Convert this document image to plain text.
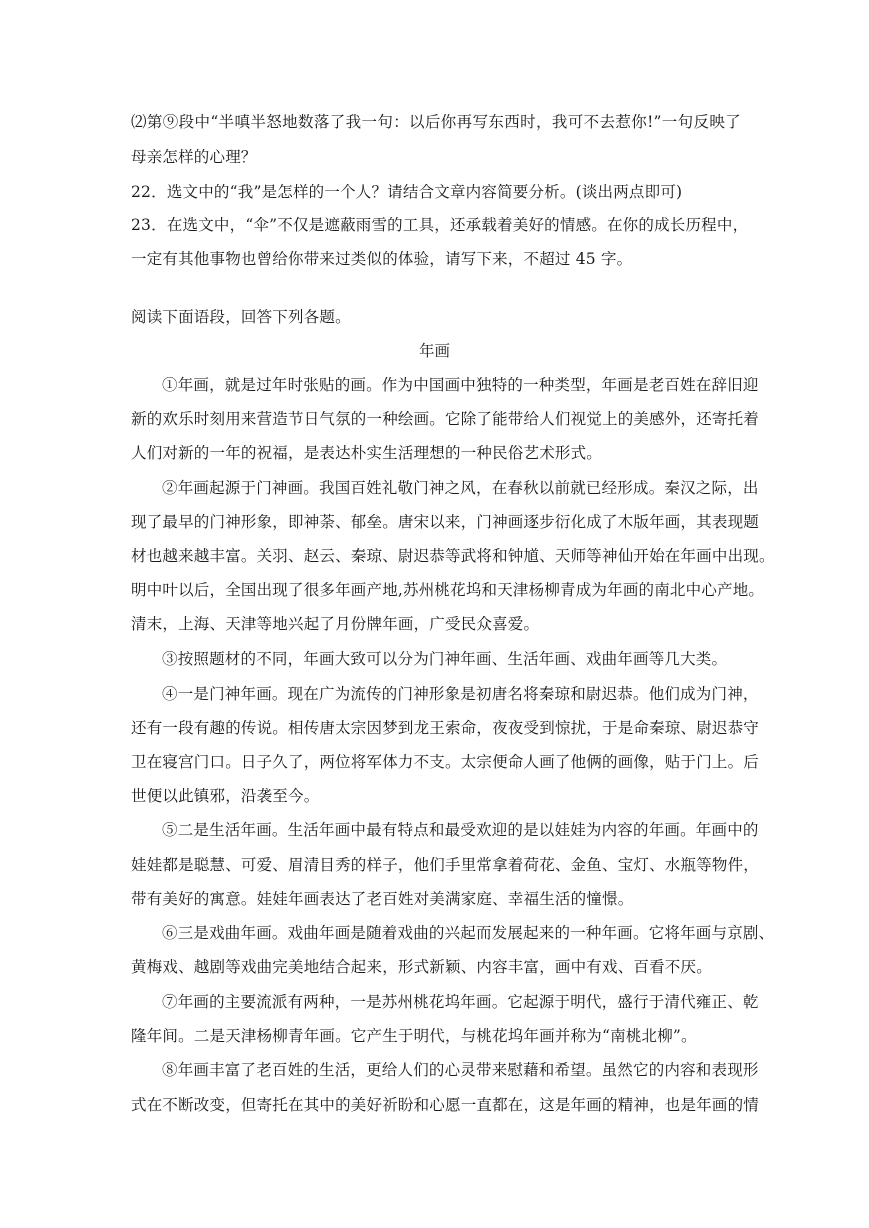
⑵第⑨段中“半嗔半怒地数落了我一句：以后你再写东西时，我可不去惹你!”一句反映了
母亲怎样的心理？
22．选文中的“我”是怎样的一个人？请结合文章内容简要分析。(谈出两点即可)
23．在选文中，“伞”不仅是遮蔽雨雪的工具，还承载着美好的情感。在你的成长历程中，
一定有其他事物也曾给你带来过类似的体验，请写下来，不超过 45 字。
阅读下面语段，回答下列各题。
年画
①年画，就是过年时张贴的画。作为中国画中独特的一种类型，年画是老百姓在辞旧迎
新的欢乐时刻用来营造节日气氛的一种绘画。它除了能带给人们视觉上的美感外，还寄托着
人们对新的一年的祝福，是表达朴实生活理想的一种民俗艺术形式。
②年画起源于门神画。我国百姓礼敬门神之风，在春秋以前就已经形成。秦汉之际，出
现了最早的门神形象，即神荼、郁垒。唐宋以来，门神画逐步衍化成了木版年画，其表现题
材也越来越丰富。关羽、赵云、秦琼、尉迟恭等武将和钟馗、天师等神仙开始在年画中出现。
明中叶以后，全国出现了很多年画产地,苏州桃花坞和天津杨柳青成为年画的南北中心产地。
清末，上海、天津等地兴起了月份牌年画，广受民众喜爱。
③按照题材的不同，年画大致可以分为门神年画、生活年画、戏曲年画等几大类。
④一是门神年画。现在广为流传的门神形象是初唐名将秦琼和尉迟恭。他们成为门神，
还有一段有趣的传说。相传唐太宗因梦到龙王索命，夜夜受到惊扰，于是命秦琼、尉迟恭守
卫在寝宫门口。日子久了，两位将军体力不支。太宗便命人画了他俩的画像，贴于门上。后
世便以此镇邪，沿袭至今。
⑤二是生活年画。生活年画中最有特点和最受欢迎的是以娃娃为内容的年画。年画中的
娃娃都是聪慧、可爱、眉清目秀的样子，他们手里常拿着荷花、金鱼、宝灯、水瓶等物件，
带有美好的寓意。娃娃年画表达了老百姓对美满家庭、幸福生活的憧憬。
⑥三是戏曲年画。戏曲年画是随着戏曲的兴起而发展起来的一种年画。它将年画与京剧、
黄梅戏、越剧等戏曲完美地结合起来，形式新颖、内容丰富，画中有戏、百看不厌。
⑦年画的主要流派有两种，一是苏州桃花坞年画。它起源于明代，盛行于清代雍正、乾
隆年间。二是天津杨柳青年画。它产生于明代，与桃花坞年画并称为“南桃北柳”。
⑧年画丰富了老百姓的生活，更给人们的心灵带来慰藉和希望。虽然它的内容和表现形
式在不断改变，但寄托在其中的美好祈盼和心愿一直都在，这是年画的精神，也是年画的情
